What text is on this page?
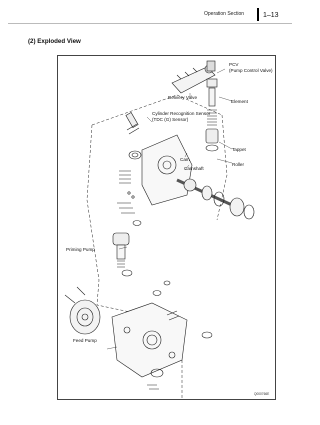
Operation Section	1–13
(2) Exploded View
PCV
(Pump Control Valve)
Delivery Valve
Element
Cylinder Recognition Sensor
(TDC (G) Sensor)
Tappet
Cam
Roller
Camshaft
Priming Pump
Feed Pump
Q000766E
